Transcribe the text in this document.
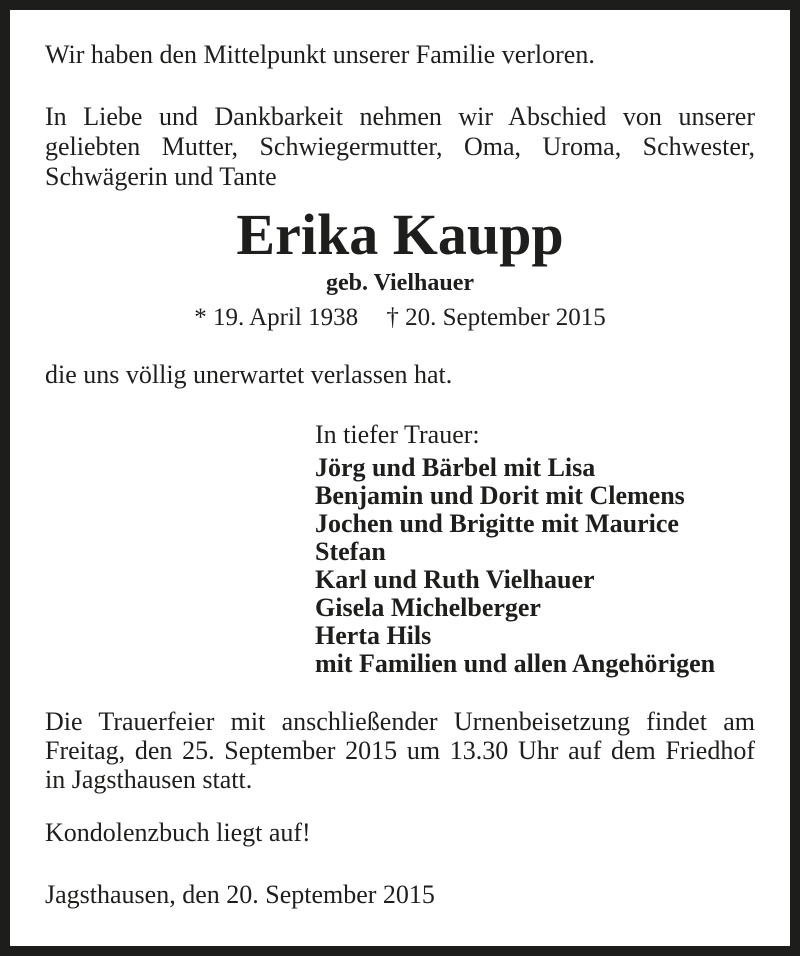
Wir haben den Mittelpunkt unserer Familie verloren.

In Liebe und Dankbarkeit nehmen wir Abschied von unserer
geliebten Mutter, Schwiegermutter, Oma, Uroma, Schwester,
Schwägerin und Tante
Erika Kaupp
geb. Vielhauer
* 19. April 1938 † 20. September 2015

die uns völlig unerwartet verlassen hat.

In tiefer Trauer:
Jörg und Bärbel mit Lisa
Benjamin und Dorit mit Clemens
Jochen und Brigitte mit Maurice
Stefan
Karl und Ruth Vielhauer
Gisela Michelberger
Herta Hils
mit Familien und allen Angehörigen
Die Trauerfeier mit anschließender Urnenbeisetzung findet am
Freitag, den 25. September 2015 um 13.30 Uhr auf dem Friedhof
in Jagsthausen statt.

Kondolenzbuch liegt auf!

Jagsthausen, den 20. September 2015
